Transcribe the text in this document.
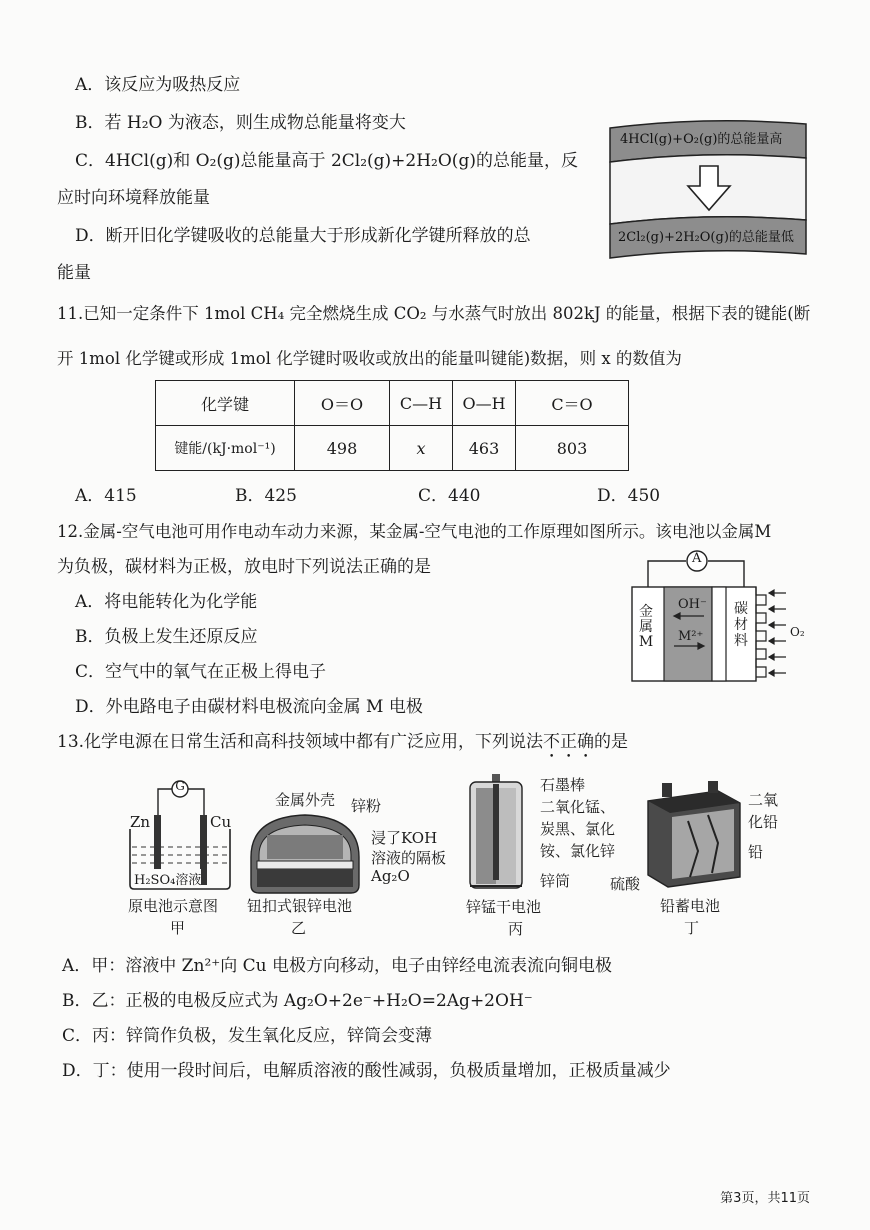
A．该反应为吸热反应
B．若 H₂O 为液态，则生成物总能量将变大
C．4HCl(g)和 O₂(g)总能量高于 2Cl₂(g)+2H₂O(g)的总能量，反
应时向环境释放能量
D．断开旧化学键吸收的总能量大于形成新化学键所释放的总
能量
4HCl(g)+O₂(g)的总能量高
2Cl₂(g)+2H₂O(g)的总能量低
11.已知一定条件下 1mol CH₄ 完全燃烧生成 CO₂ 与水蒸气时放出 802kJ 的能量，根据下表的键能(断
开 1mol 化学键或形成 1mol 化学键时吸收或放出的能量叫键能)数据，则 x 的数值为
化学键	O＝O	C—H	O—H	C＝O
键能/(kJ·mol⁻¹)	498	x	463	803
A．415	B．425	C．440	D．450
12.金属-空气电池可用作电动车动力来源，某金属-空气电池的工作原理如图所示。该电池以金属M
为负极，碳材料为正极，放电时下列说法正确的是
A．将电能转化为化学能
B．负极上发生还原反应
C．空气中的氧气在正极上得电子
D．外电路电子由碳材料电极流向金属 M 电极
A
金
属
M
OH⁻
M²⁺
碳
材
料
O₂
13.化学电源在日常生活和高科技领域中都有广泛应用，下列说法不正确的是
G
Zn	Cu
H₂SO₄溶液
原电池示意图
甲
金属外壳 锌粉
浸了KOH
溶液的隔板
Ag₂O
钮扣式银锌电池
乙
石墨棒
二氧化锰、
炭黑、氯化
铵、氯化锌
锌筒
锌锰干电池
丙
二氧
化铅
铅
硫酸
铅蓄电池
丁
A．甲：溶液中 Zn²⁺向 Cu 电极方向移动，电子由锌经电流表流向铜电极
B．乙：正极的电极反应式为 Ag₂O+2e⁻+H₂O=2Ag+2OH⁻
C．丙：锌筒作负极，发生氧化反应，锌筒会变薄
D．丁：使用一段时间后，电解质溶液的酸性减弱，负极质量增加，正极质量减少
第3页，共11页
